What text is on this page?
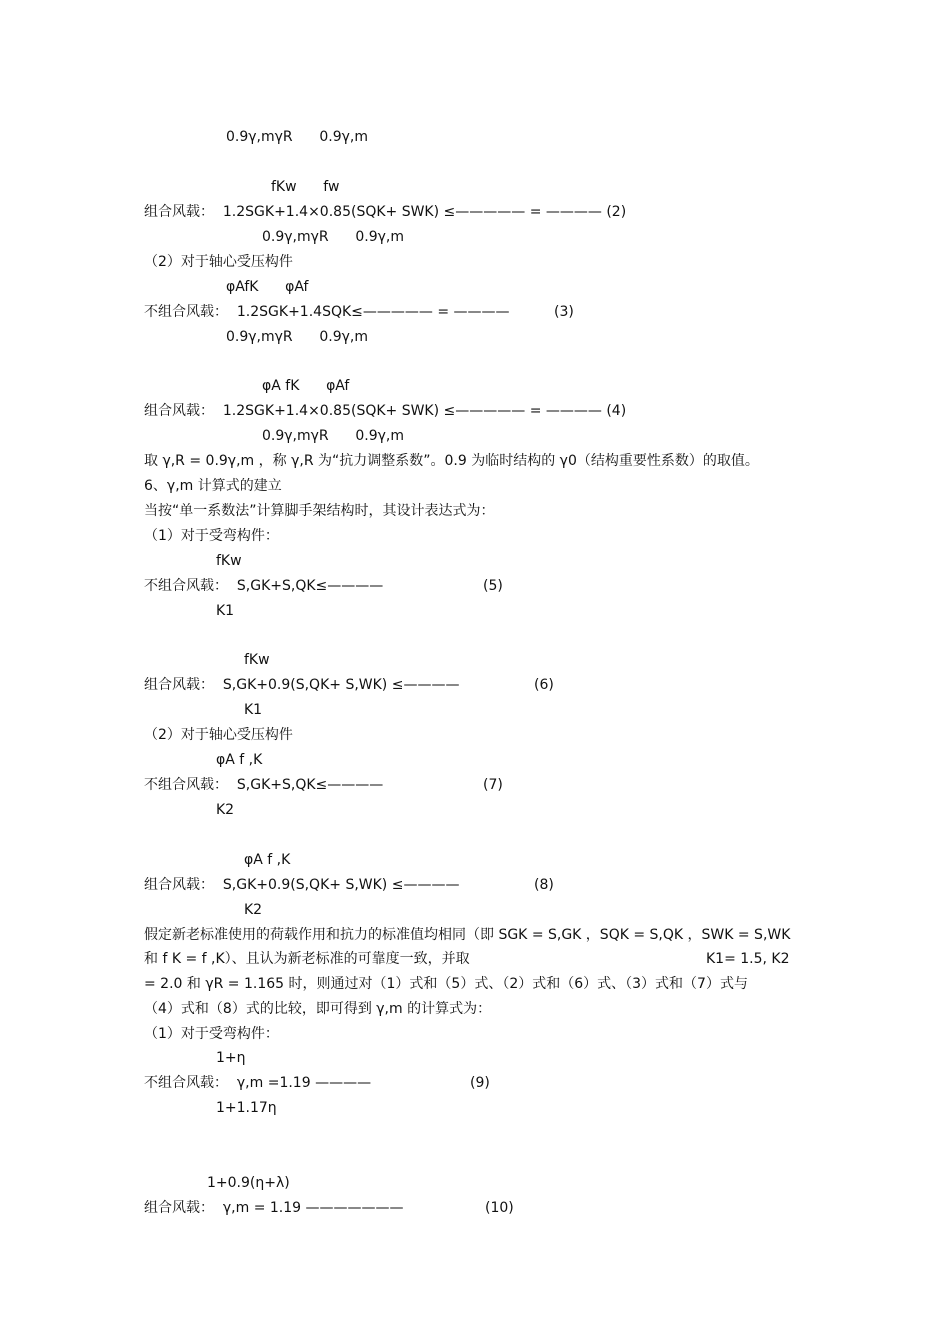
0.9γ,mγR      0.9γ,m
fKw      fw
组合风载：  1.2SGK+1.4×0.85(SQK+ SWK) ≤————— = ———— (2)
0.9γ,mγR      0.9γ,m
（2）对于轴心受压构件
φAfK      φAf
不组合风载：  1.2SGK+1.4SQK≤————— = ————          (3)
0.9γ,mγR      0.9γ,m
φA fK      φAf
组合风载：  1.2SGK+1.4×0.85(SQK+ SWK) ≤————— = ———— (4)
0.9γ,mγR      0.9γ,m
取 γ,R = 0.9γ,m ，称 γ,R 为“抗力调整系数”。0.9 为临时结构的 γ0（结构重要性系数）的取值。
6、γ,m 计算式的建立
当按“单一系数法”计算脚手架结构时，其设计表达式为：
（1）对于受弯构件：
fKw
不组合风载：  S,GK+S,QK≤————	(5)
K1
fKw
组合风载：  S,GK+0.9(S,QK+ S,WK) ≤————	(6)
K1
（2）对于轴心受压构件
φA f ,K
不组合风载：  S,GK+S,QK≤————	(7)
K2
φA f ,K
组合风载：  S,GK+0.9(S,QK+ S,WK) ≤————	(8)
K2
假定新老标准使用的荷载作用和抗力的标准值均相同（即 SGK = S,GK ，SQK = S,QK ，SWK = S,WK
和 f K = f ,K）、且认为新老标准的可靠度一致，并取	K1= 1.5, K2
= 2.0 和 γR = 1.165 时，则通过对（1）式和（5）式、（2）式和（6）式、（3）式和（7）式与
（4）式和（8）式的比较，即可得到 γ,m 的计算式为：
（1）对于受弯构件：
1+η
不组合风载：  γ,m =1.19 ————	(9)
1+1.17η
1+0.9(η+λ)
组合风载：  γ,m = 1.19 ———————	(10)
